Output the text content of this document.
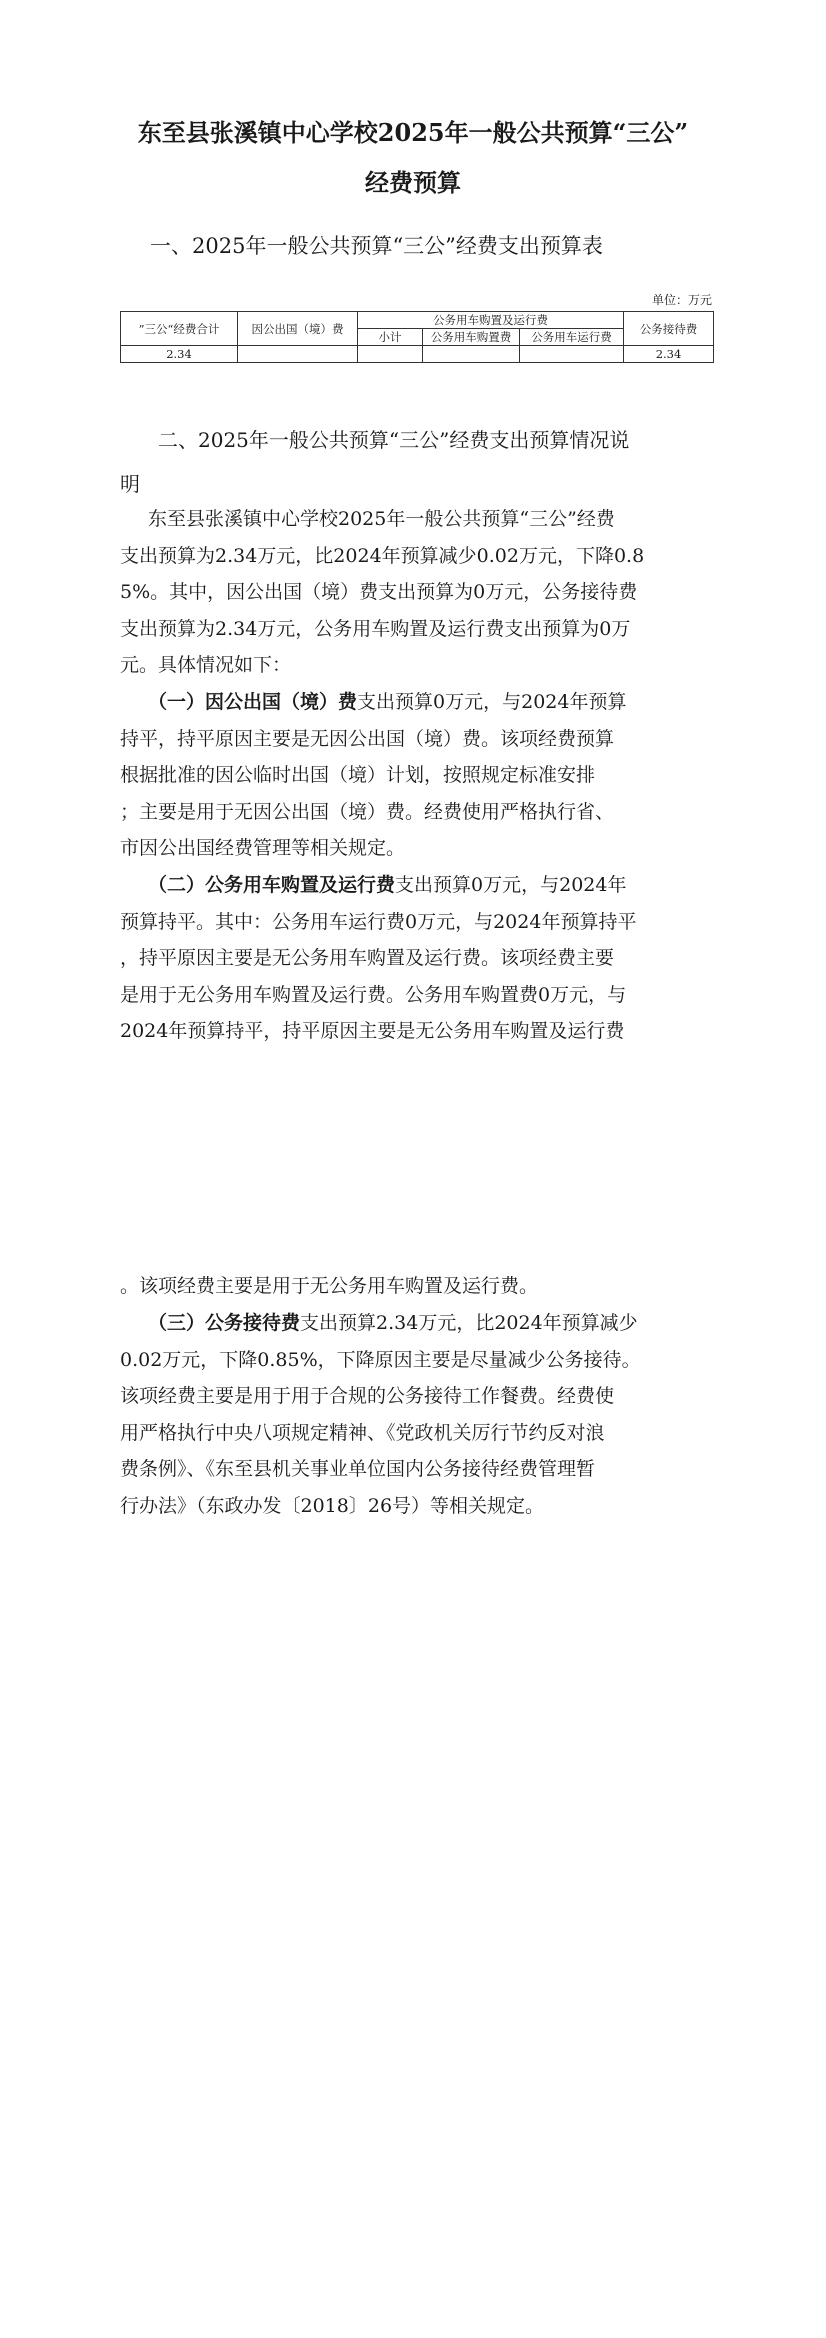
东至县张溪镇中心学校2025年一般公共预算“三公”
经费预算
一、2025年一般公共预算“三公”经费支出预算表
单位：万元
”三公“经费合计	因公出国（境）费	公务用车购置及运行费			公务接待费
		小计	公务用车购置费	公务用车运行费	
2.34					2.34
二、2025年一般公共预算“三公”经费支出预算情况说
明
东至县张溪镇中心学校2025年一般公共预算“三公”经费
支出预算为2.34万元，比2024年预算减少0.02万元，下降0.8
5%。其中，因公出国（境）费支出预算为0万元，公务接待费
支出预算为2.34万元，公务用车购置及运行费支出预算为0万
元。具体情况如下：
（一）因公出国（境）费支出预算0万元，与2024年预算
持平，持平原因主要是无因公出国（境）费。该项经费预算
根据批准的因公临时出国（境）计划，按照规定标准安排
；主要是用于无因公出国（境）费。经费使用严格执行省、
市因公出国经费管理等相关规定。
（二）公务用车购置及运行费支出预算0万元，与2024年
预算持平。其中：公务用车运行费0万元，与2024年预算持平
，持平原因主要是无公务用车购置及运行费。该项经费主要
是用于无公务用车购置及运行费。公务用车购置费0万元，与
2024年预算持平，持平原因主要是无公务用车购置及运行费
。该项经费主要是用于无公务用车购置及运行费。
（三）公务接待费支出预算2.34万元，比2024年预算减少
0.02万元，下降0.85%，下降原因主要是尽量减少公务接待。
该项经费主要是用于用于合规的公务接待工作餐费。经费使
用严格执行中央八项规定精神、《党政机关厉行节约反对浪
费条例》、《东至县机关事业单位国内公务接待经费管理暂
行办法》（东政办发〔2018〕26号）等相关规定。
